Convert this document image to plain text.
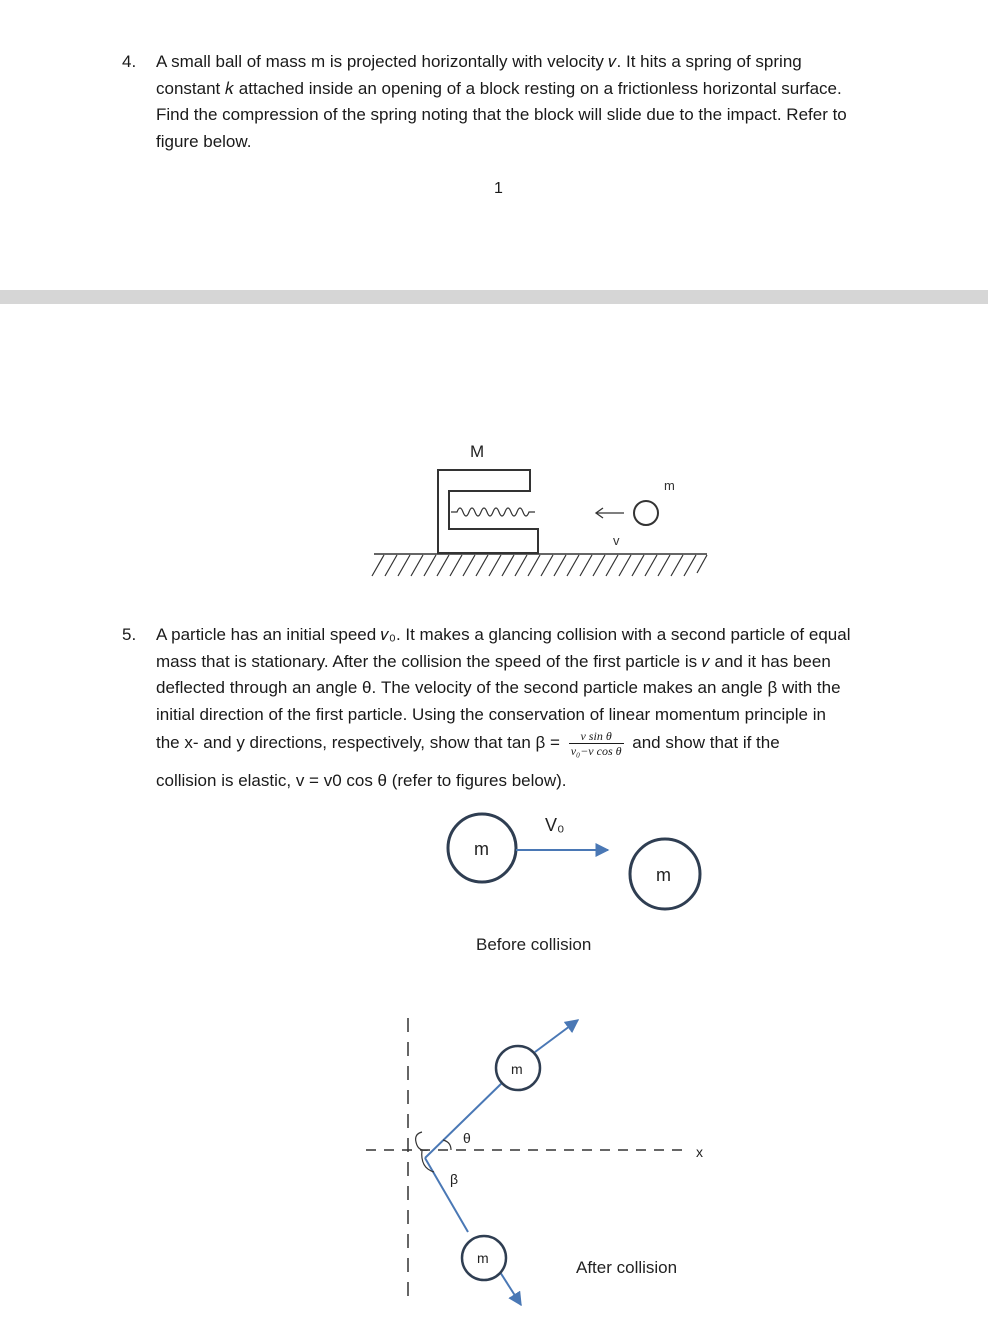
4. A small ball of mass m is projected horizontally with velocity 𝑣. It hits a spring of spring
constant 𝑘 attached inside an opening of a block resting on a frictionless horizontal surface.
Find the compression of the spring noting that the block will slide due to the impact. Refer to
figure below.
1
M
v
m
5. A particle has an initial speed 𝑣₀. It makes a glancing collision with a second particle of equal
mass that is stationary. After the collision the speed of the first particle is 𝑣 and it has been
deflected through an angle θ. The velocity of the second particle makes an angle β with the
initial direction of the first particle. Using the conservation of linear momentum principle in
the x- and y directions, respectively, show that $\tan \beta = \frac{\text{v sin θ}}{\text{v₀−v cos θ}}$ and show that if the
collision is elastic, v = v0 cos θ (refer to figures below).
m
V₀
m
Before collision
x
θ
β
m
m	After collision
